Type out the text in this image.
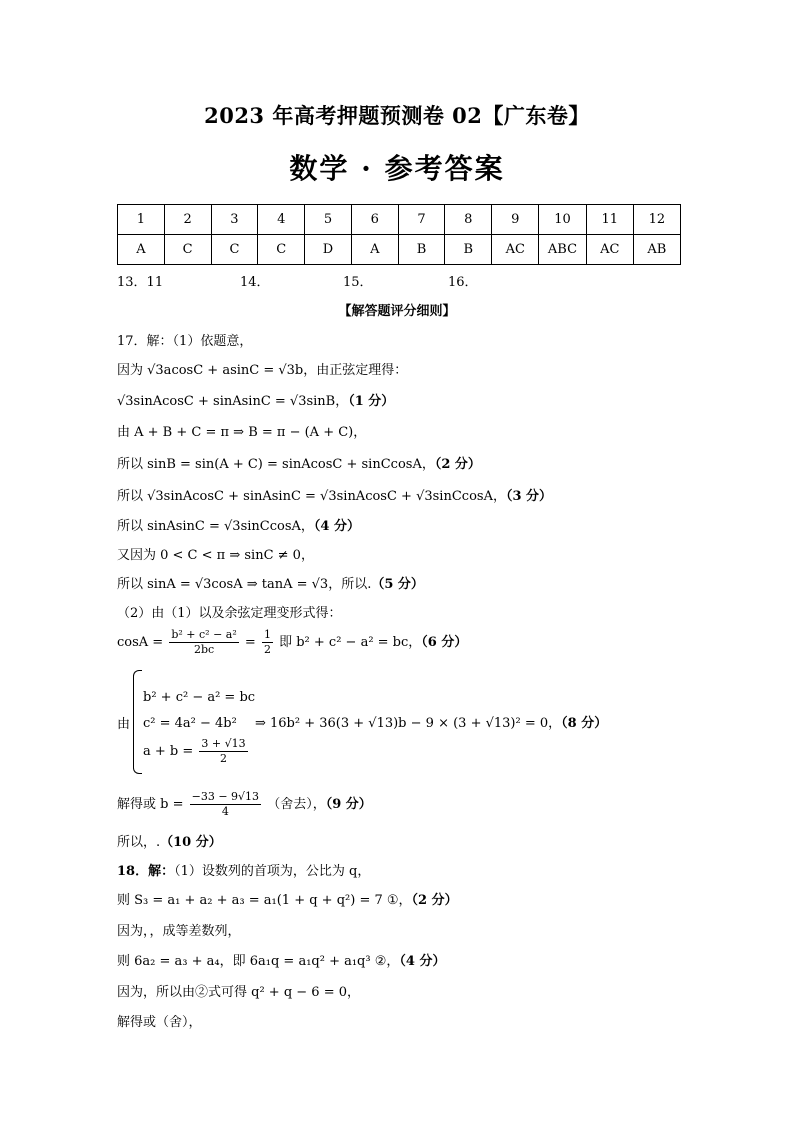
2023 年高考押题预测卷 02【广东卷】
数学 · 参考答案
1	2	3	4	5	6	7	8	9	10	11	12
A	C	C	C	D	A	B	B	AC	ABC	AC	AB
13．11	14．	15．	16．
【解答题评分细则】
17．解：（1）依题意，
因为 √3acosC + asinC = √3b，由正弦定理得：
√3sinAcosC + sinAsinC = √3sinB，（1 分）
由 A + B + C = π ⇒ B = π − (A + C)，
所以 sinB = sin(A + C) = sinAcosC + sinCcosA，（2 分）
所以 √3sinAcosC + sinAsinC = √3sinAcosC + √3sinCcosA，（3 分）
所以 sinAsinC = √3sinCcosA，（4 分）
又因为 0 < C < π ⇒ sinC ≠ 0，
所以 sinA = √3cosA ⇒ tanA = √3，所以.（5 分）
（2）由（1）以及余弦定理变形式得：
$\cos A = \frac{\text{b² + c² − a²}}{2bc} = \frac{1}{2}$ 即 b² + c² − a² = bc，（6 分）
由
b² + c² − a² = bc
c² = 4a² − 4b² ⇒ 16b² + 36(3 + √13)b − 9 × (3 + √13)² = 0，（8 分）
$a + b = \frac{3 + √13}{2}$
解得或 $b = \frac{-33 - 9√13}{4}$ （舍去），（9 分）
所以，.（10 分）
18．解：（1）设数列的首项为，公比为 q，
则 S₃ = a₁ + a₂ + a₃ = a₁(1 + q + q²) = 7 ①，（2 分）
因为，，成等差数列，
则 6a₂ = a₃ + a₄，即 6a₁q = a₁q² + a₁q³ ②，（4 分）
因为，所以由②式可得 q² + q − 6 = 0，
解得或（舍），
